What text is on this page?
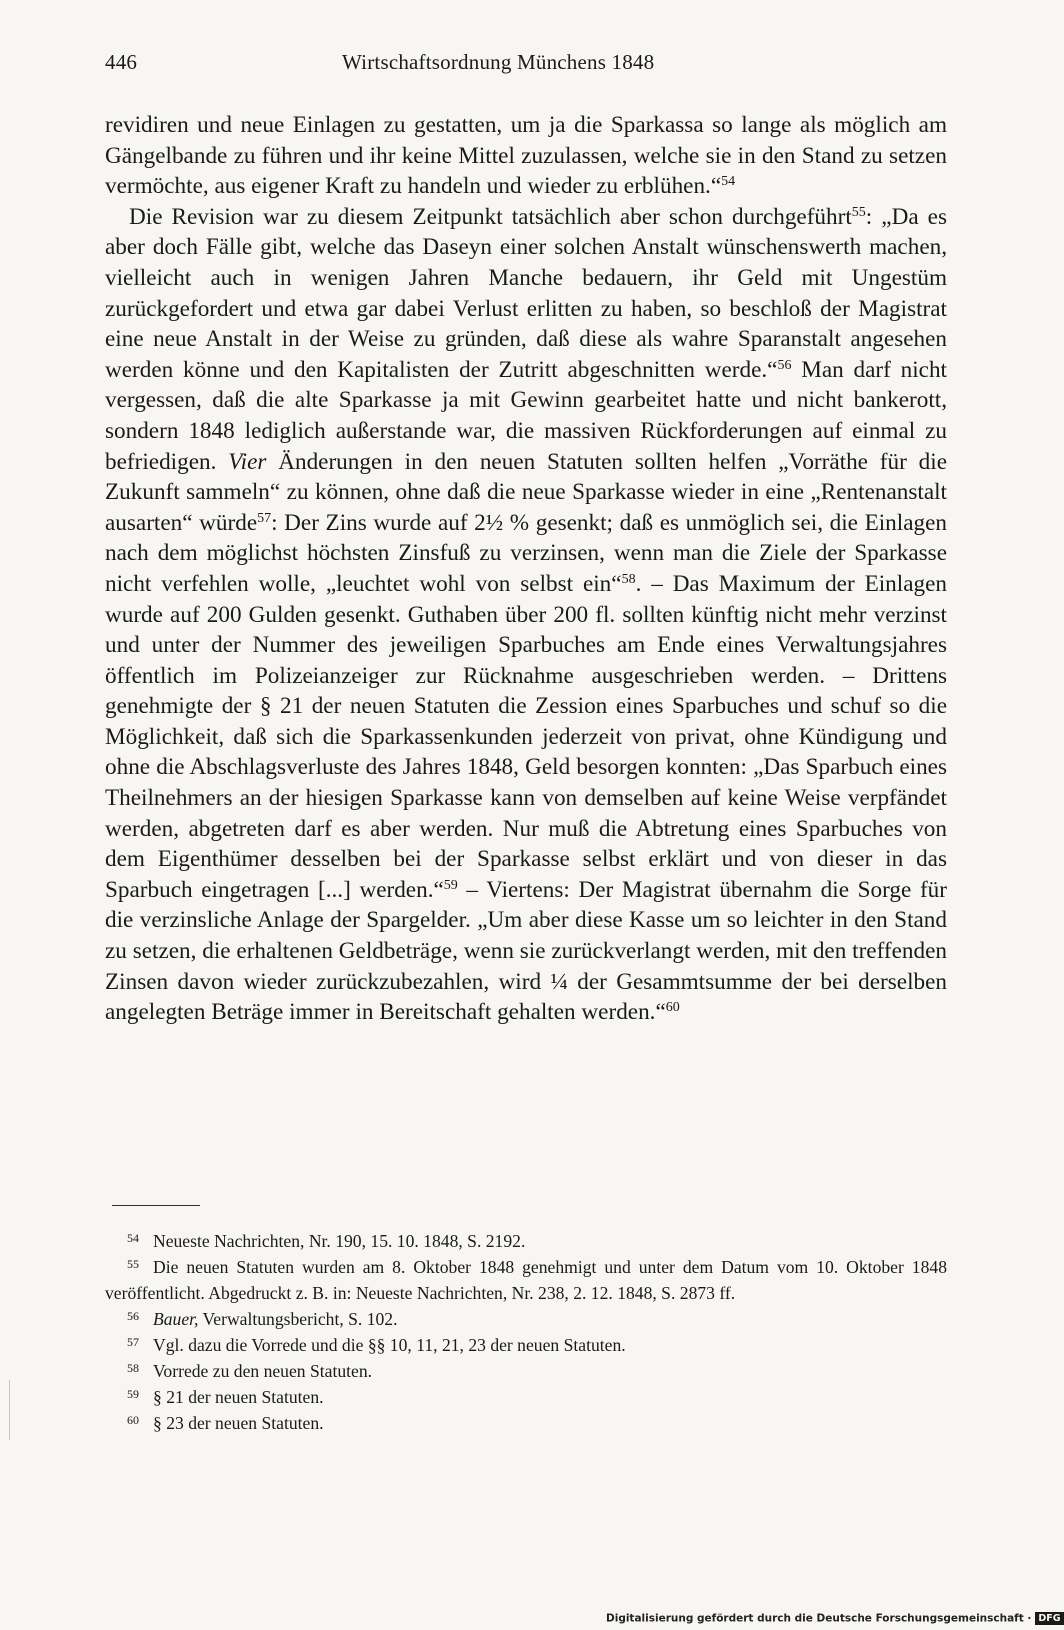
446	Wirtschaftsordnung Münchens 1848

revidiren und neue Einlagen zu gestatten, um ja die Sparkassa so lange als möglich am Gängelbande zu führen und ihr keine Mittel zuzulassen, welche sie in den Stand zu setzen vermöchte, aus eigener Kraft zu handeln und wieder zu erblühen.“$^{54}$

Die Revision war zu diesem Zeitpunkt tatsächlich aber schon durchgeführt$^{55}$: „Da es aber doch Fälle gibt, welche das Daseyn einer solchen Anstalt wünschenswerth machen, vielleicht auch in wenigen Jahren Manche bedauern, ihr Geld mit Ungestüm zurückgefordert und etwa gar dabei Verlust erlitten zu haben, so beschloß der Magistrat eine neue Anstalt in der Weise zu gründen, daß diese als wahre Sparanstalt angesehen werden könne und den Kapitalisten der Zutritt abgeschnitten werde.“$^{56}$ Man darf nicht vergessen, daß die alte Sparkasse ja mit Gewinn gearbeitet hatte und nicht bankerott, sondern 1848 lediglich außerstande war, die massiven Rückforderungen auf einmal zu befriedigen. Vier Änderungen in den neuen Statuten sollten helfen „Vorräthe für die Zukunft sammeln“ zu können, ohne daß die neue Sparkasse wieder in eine „Rentenanstalt ausarten“ würde$^{57}$: Der Zins wurde auf 2½ % gesenkt; daß es unmöglich sei, die Einlagen nach dem möglichst höchsten Zinsfuß zu verzinsen, wenn man die Ziele der Sparkasse nicht verfehlen wolle, „leuchtet wohl von selbst ein“$^{58}$. – Das Maximum der Einlagen wurde auf 200 Gulden gesenkt. Guthaben über 200 fl. sollten künftig nicht mehr verzinst und unter der Nummer des jeweiligen Sparbuches am Ende eines Verwaltungsjahres öffentlich im Polizeianzeiger zur Rücknahme ausgeschrieben werden. – Drittens genehmigte der § 21 der neuen Statuten die Zession eines Sparbuches und schuf so die Möglichkeit, daß sich die Sparkassenkunden jederzeit von privat, ohne Kündigung und ohne die Abschlagsverluste des Jahres 1848, Geld besorgen konnten: „Das Sparbuch eines Theilnehmers an der hiesigen Sparkasse kann von demselben auf keine Weise verpfändet werden, abgetreten darf es aber werden. Nur muß die Abtretung eines Sparbuches von dem Eigenthümer desselben bei der Sparkasse selbst erklärt und von dieser in das Sparbuch eingetragen [...] werden.“$^{59}$ – Viertens: Der Magistrat übernahm die Sorge für die verzinsliche Anlage der Spargelder. „Um aber diese Kasse um so leichter in den Stand zu setzen, die erhaltenen Geldbeträge, wenn sie zurückverlangt werden, mit den treffenden Zinsen davon wieder zurückzubezahlen, wird ¼ der Gesammtsumme der bei derselben angelegten Beträge immer in Bereitschaft gehalten werden.“$^{60}$

54 Neueste Nachrichten, Nr. 190, 15. 10. 1848, S. 2192.

55 Die neuen Statuten wurden am 8. Oktober 1848 genehmigt und unter dem Datum vom 10. Oktober 1848 veröffentlicht. Abgedruckt z. B. in: Neueste Nachrichten, Nr. 238, 2. 12. 1848, S. 2873 ff.

56 Bauer, Verwaltungsbericht, S. 102.

57 Vgl. dazu die Vorrede und die §§ 10, 11, 21, 23 der neuen Statuten.

58 Vorrede zu den neuen Statuten.

59 § 21 der neuen Statuten.

60 § 23 der neuen Statuten.

Digitalisierung gefördert durch die Deutsche Forschungsgemeinschaft · DFG
